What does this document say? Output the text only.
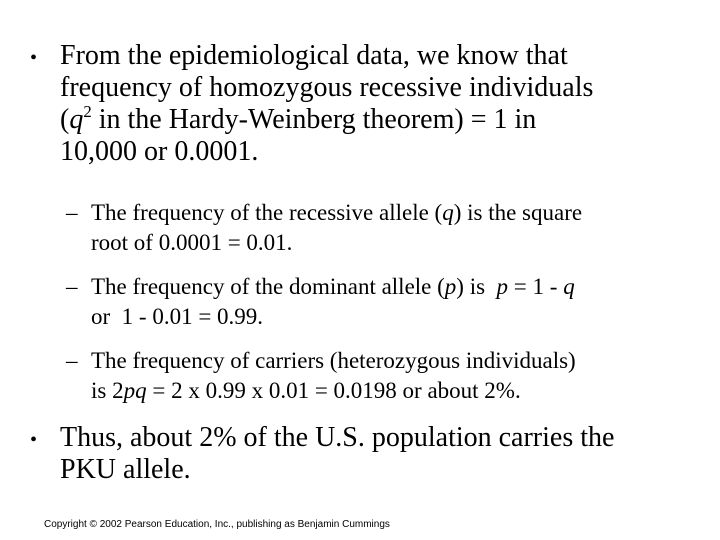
• From the epidemiological data, we know that
frequency of homozygous recessive individuals
($q^2$ in the Hardy-Weinberg theorem) = 1 in
10,000 or 0.0001.
– The frequency of the recessive allele (q) is the square
root of 0.0001 = 0.01.
– The frequency of the dominant allele (p) is  p = 1 - q
or  1 - 0.01 = 0.99.
– The frequency of carriers (heterozygous individuals)
is 2pq = 2 x 0.99 x 0.01 = 0.0198 or about 2%.
• Thus, about 2% of the U.S. population carries the
PKU allele.
Copyright © 2002 Pearson Education, Inc., publishing as Benjamin Cummings
